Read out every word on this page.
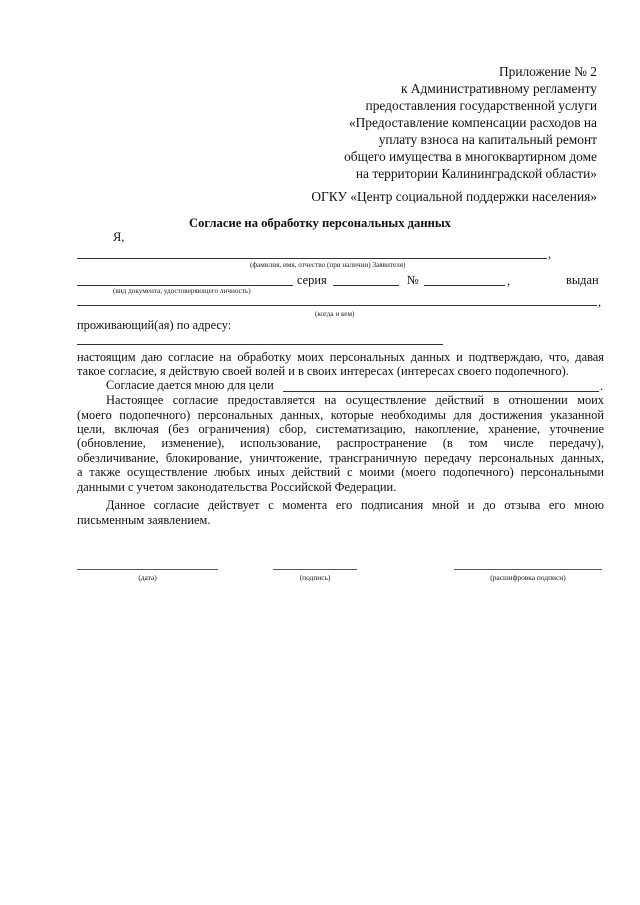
Приложение № 2
к Административному регламенту
предоставления государственной услуги
«Предоставление компенсации расходов на
уплату взноса на капитальный ремонт
общего имущества в многоквартирном доме
на территории Калининградской области»
ОГКУ «Центр социальной поддержки населения»
Согласие на обработку персональных данных
Я,
,
(фамилия, имя, отчество (при наличии) Заявителя)
серия	№	,	выдан
(вид документа, удостоверяющего личность)
,
(когда и кем)
проживающий(ая) по адресу:
настоящим даю согласие на обработку моих персональных данных и подтверждаю, что, давая
такое согласие, я действую своей волей и в своих интересах (интересах своего подопечного).
Согласие дается мною для цели	.
Настоящее согласие предоставляется на осуществление действий в отношении моих
(моего подопечного) персональных данных, которые необходимы для достижения указанной
цели, включая (без ограничения) сбор, систематизацию, накопление, хранение, уточнение
(обновление, изменение), использование, распространение (в том числе передачу),
обезличивание, блокирование, уничтожение, трансграничную передачу персональных данных,
а также осуществление любых иных действий с моими (моего подопечного) персональными
данными с учетом законодательства Российской Федерации.
Данное согласие действует с момента его подписания мной и до отзыва его мною
письменным заявлением.
(дата)	(подпись)	(расшифровка подписи)
